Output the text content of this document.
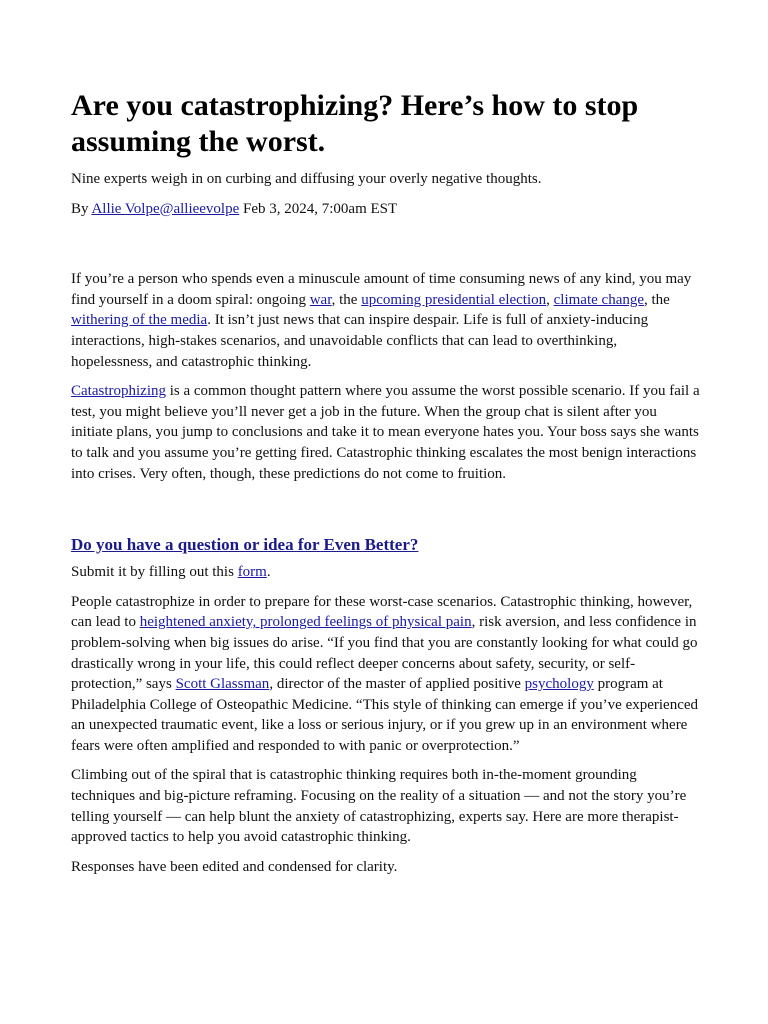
Are you catastrophizing? Here’s how to stop assuming the worst.
Nine experts weigh in on curbing and diffusing your overly negative thoughts.
By Allie Volpe@allieevolpe Feb 3, 2024, 7:00am EST

If you’re a person who spends even a minuscule amount of time consuming news of any kind, you may find yourself in a doom spiral: ongoing war, the upcoming presidential election, climate change, the withering of the media. It isn’t just news that can inspire despair. Life is full of anxiety-inducing interactions, high-stakes scenarios, and unavoidable conflicts that can lead to overthinking, hopelessness, and catastrophic thinking.

Catastrophizing is a common thought pattern where you assume the worst possible scenario. If you fail a test, you might believe you’ll never get a job in the future. When the group chat is silent after you initiate plans, you jump to conclusions and take it to mean everyone hates you. Your boss says she wants to talk and you assume you’re getting fired. Catastrophic thinking escalates the most benign interactions into crises. Very often, though, these predictions do not come to fruition.

Do you have a question or idea for Even Better?

Submit it by filling out this form.

People catastrophize in order to prepare for these worst-case scenarios. Catastrophic thinking, however, can lead to heightened anxiety, prolonged feelings of physical pain, risk aversion, and less confidence in problem-solving when big issues do arise. “If you find that you are constantly looking for what could go drastically wrong in your life, this could reflect deeper concerns about safety, security, or self-protection,” says Scott Glassman, director of the master of applied positive psychology program at Philadelphia College of Osteopathic Medicine. “This style of thinking can emerge if you’ve experienced an unexpected traumatic event, like a loss or serious injury, or if you grew up in an environment where fears were often amplified and responded to with panic or overprotection.”

Climbing out of the spiral that is catastrophic thinking requires both in-the-moment grounding techniques and big-picture reframing. Focusing on the reality of a situation — and not the story you’re telling yourself — can help blunt the anxiety of catastrophizing, experts say. Here are more therapist-approved tactics to help you avoid catastrophic thinking.

Responses have been edited and condensed for clarity.
